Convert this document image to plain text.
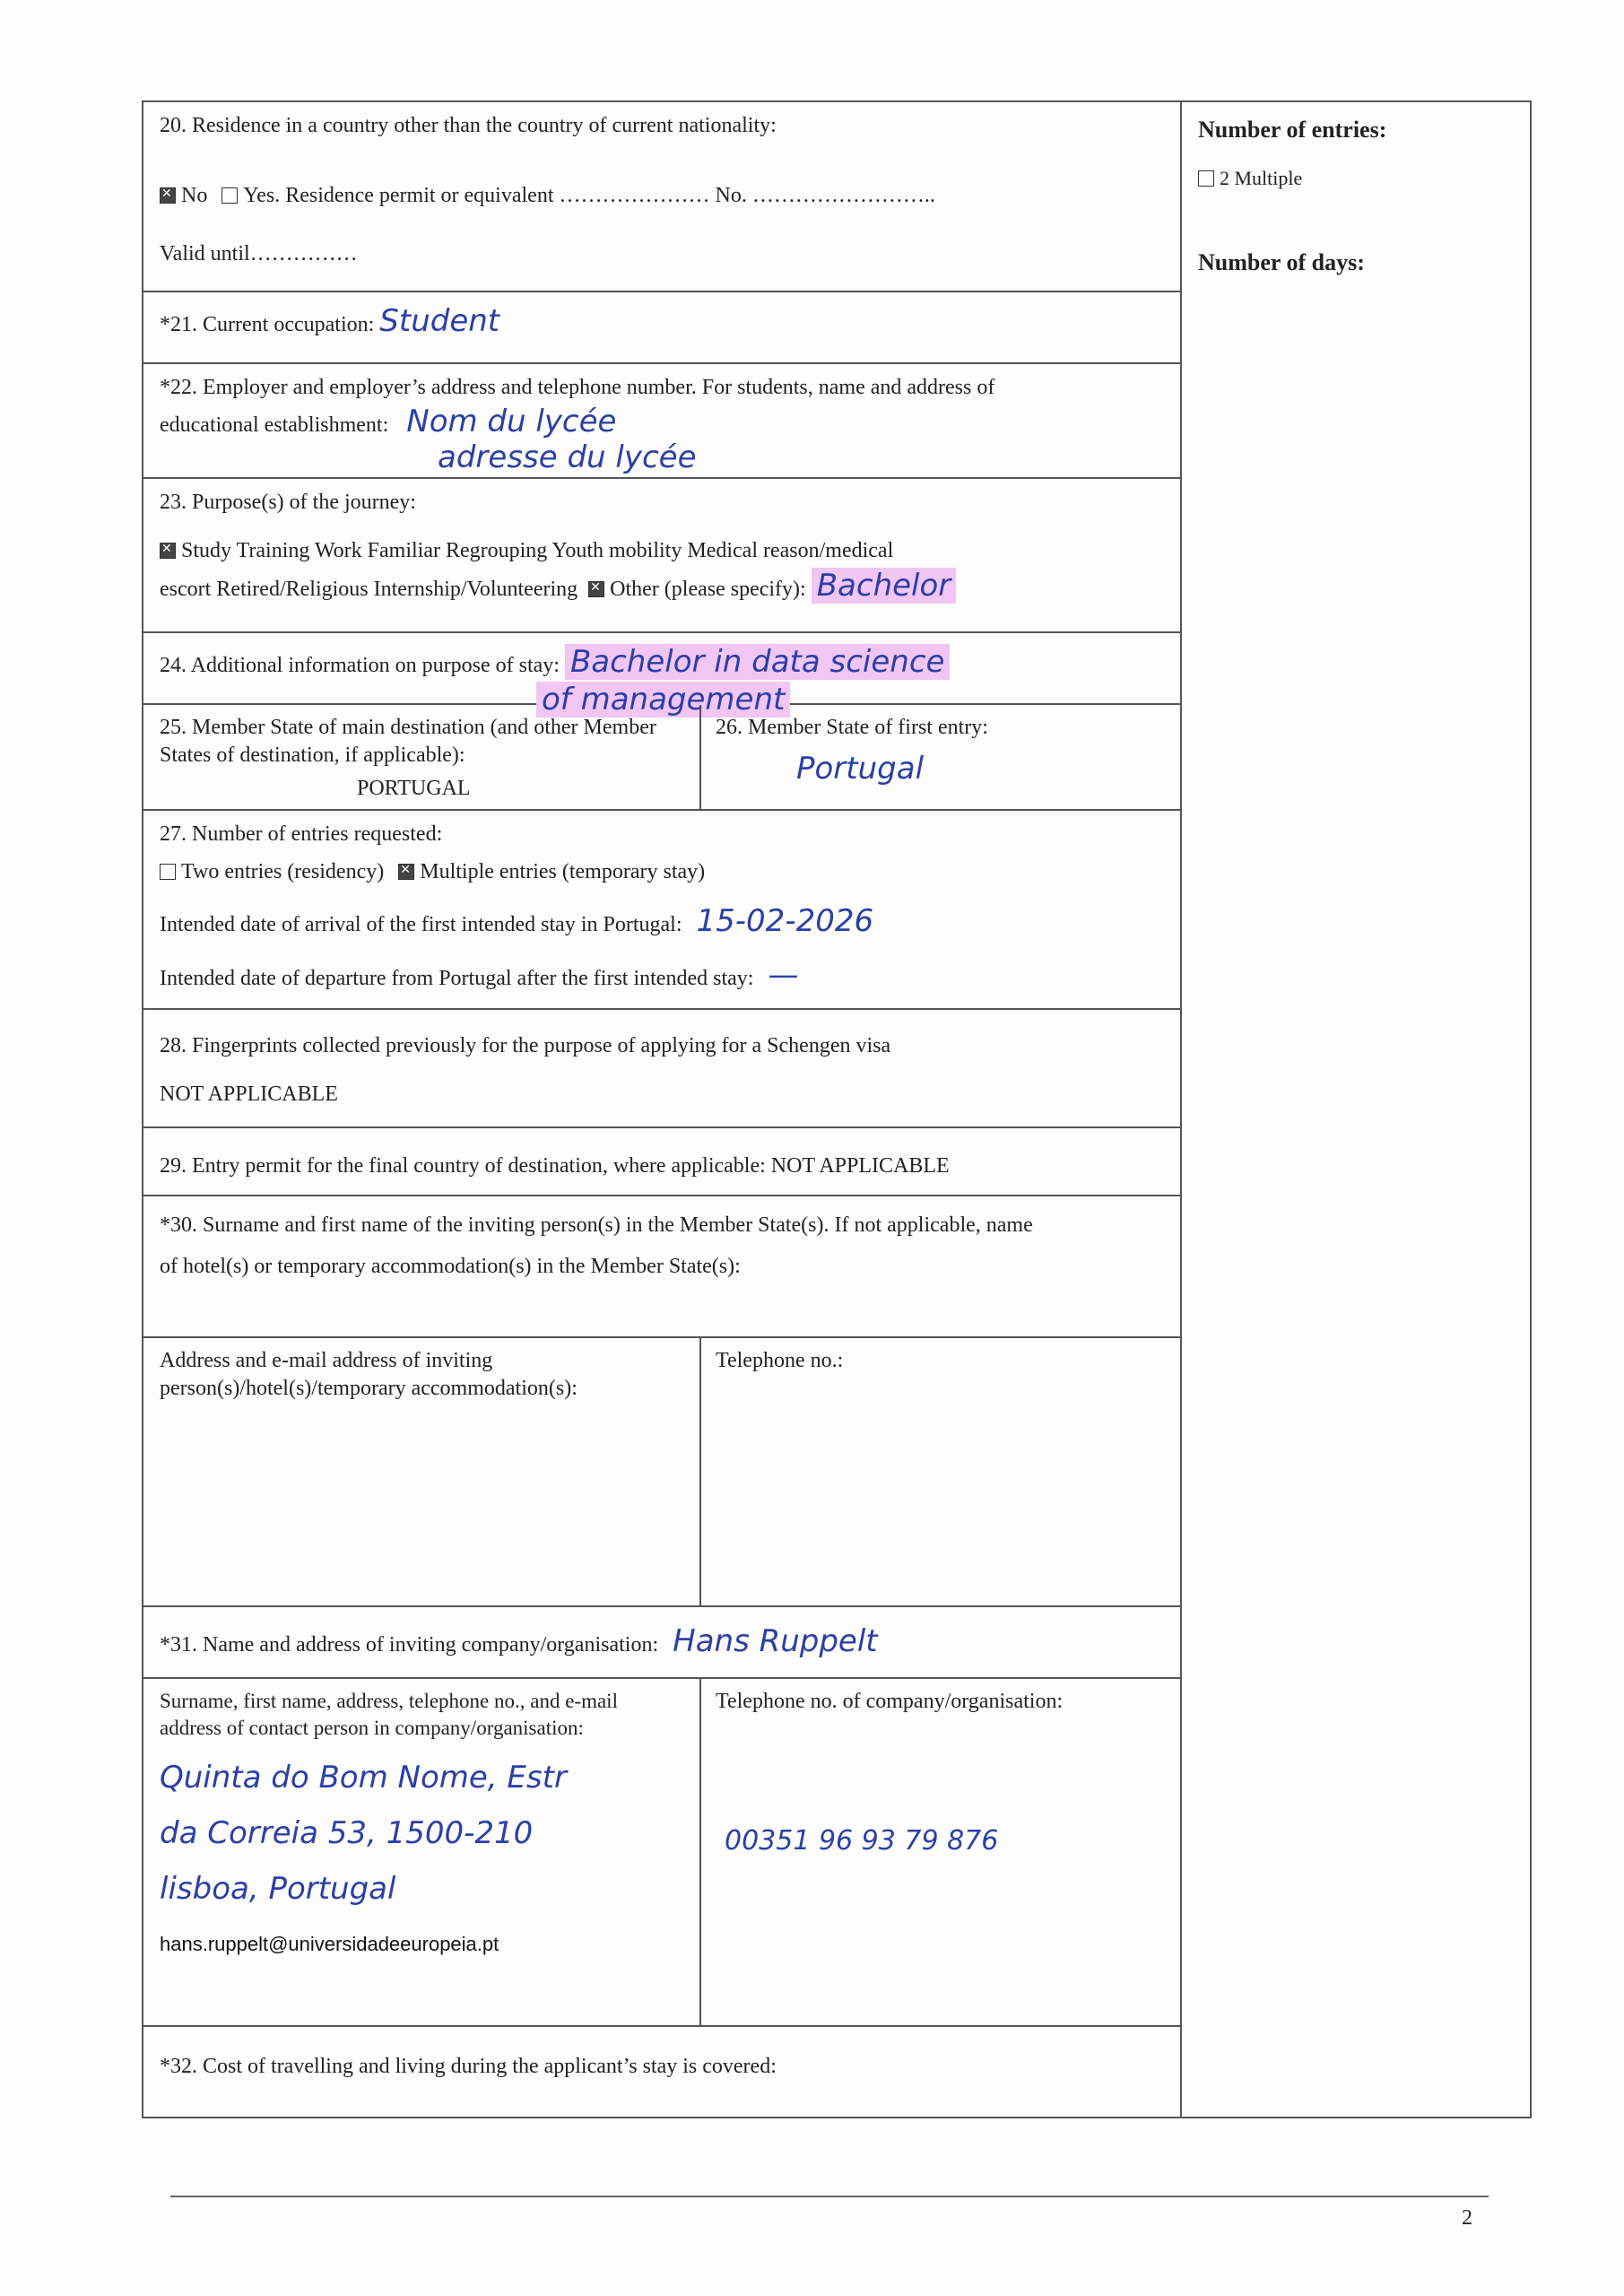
20. Residence in a country other than the country of current nationality:
✕No Yes. Residence permit or equivalent ………………… No. ……………………..
Valid until……………
*21. Current occupation: Student
*22. Employer and employer’s address and telephone number. For students, name and address of
educational establishment: Nom du lycée
adresse du lycée
23. Purpose(s) of the journey:
✕Study Training Work Familiar Regrouping Youth mobility Medical reason/medical
escort Retired/Religious Internship/Volunteering ✕ Other (please specify): Bachelor
24. Additional information on purpose of stay: Bachelor in data science
of management
25. Member State of main destination (and other Member States of destination, if applicable):
PORTUGAL
26. Member State of first entry:
Portugal
27. Number of entries requested:
Two entries (residency) ✕ Multiple entries (temporary stay)
Intended date of arrival of the first intended stay in Portugal: 15-02-2026
Intended date of departure from Portugal after the first intended stay: —
28. Fingerprints collected previously for the purpose of applying for a Schengen visa
NOT APPLICABLE
29. Entry permit for the final country of destination, where applicable: NOT APPLICABLE
*30. Surname and first name of the inviting person(s) in the Member State(s). If not applicable, name
of hotel(s) or temporary accommodation(s) in the Member State(s):
Address and e-mail address of inviting person(s)/hotel(s)/temporary accommodation(s):
Telephone no.:
*31. Name and address of inviting company/organisation: Hans Ruppelt
Surname, first name, address, telephone no., and e-mail address of contact person in company/organisation:
Quinta do Bom Nome, Estr
da Correia 53, 1500-210
lisboa, Portugal
hans.ruppelt@universidadeeuropeia.pt
Telephone no. of company/organisation:
00351 96 93 79 876
*32. Cost of travelling and living during the applicant’s stay is covered:
Number of entries:
2 Multiple
Number of days:
2
